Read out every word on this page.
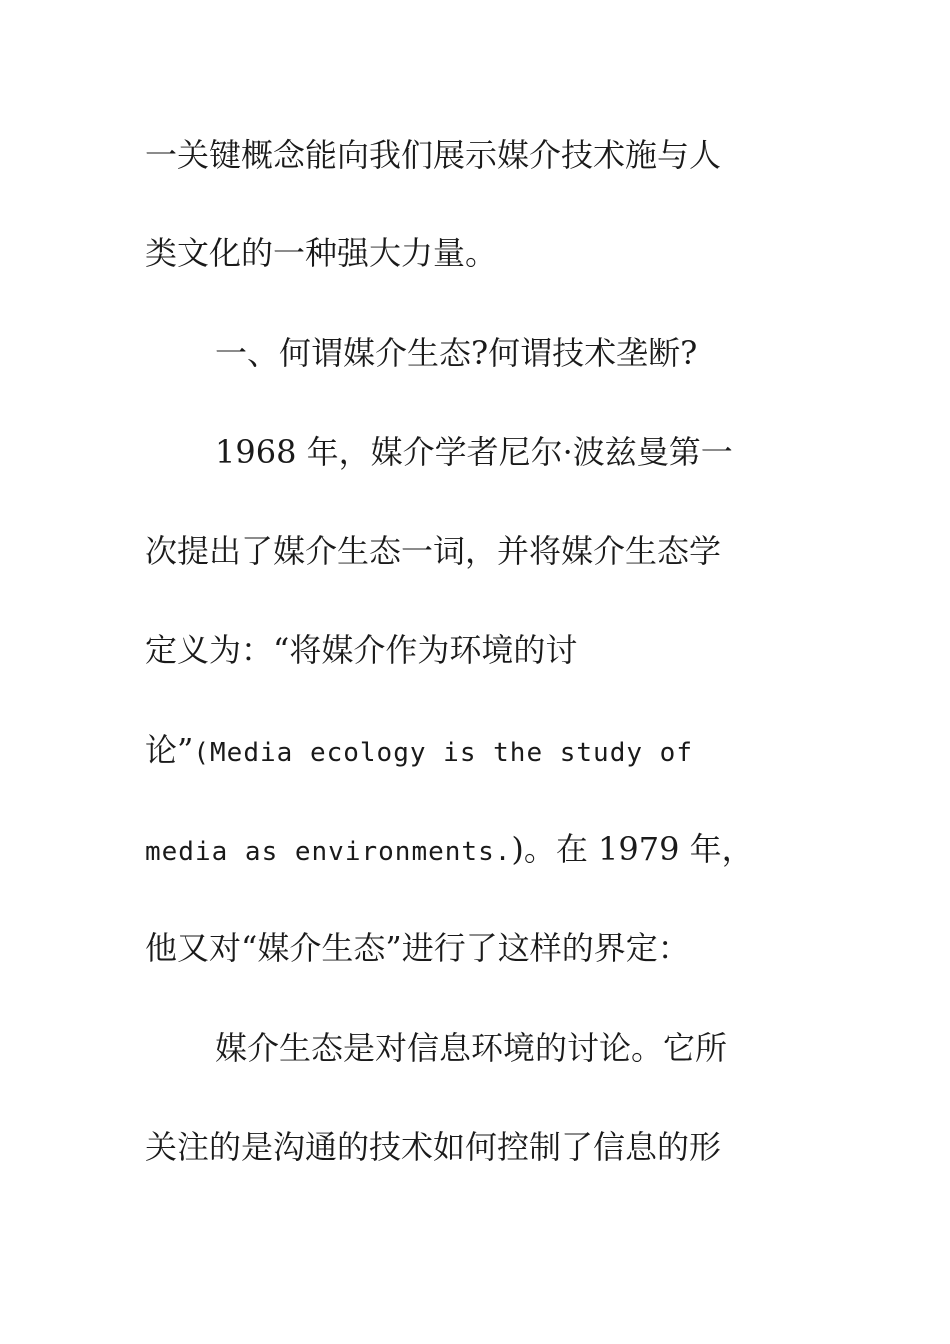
一关键概念能向我们展示媒介技术施与人
类文化的一种强大力量。
一、何谓媒介生态?何谓技术垄断?
1968 年，媒介学者尼尔·波兹曼第一
次提出了媒介生态一词，并将媒介生态学
定义为：“将媒介作为环境的讨
论”(Media ecology is the study of
media as environments.)。在 1979 年，
他又对“媒介生态”进行了这样的界定：
媒介生态是对信息环境的讨论。它所
关注的是沟通的技术如何控制了信息的形
